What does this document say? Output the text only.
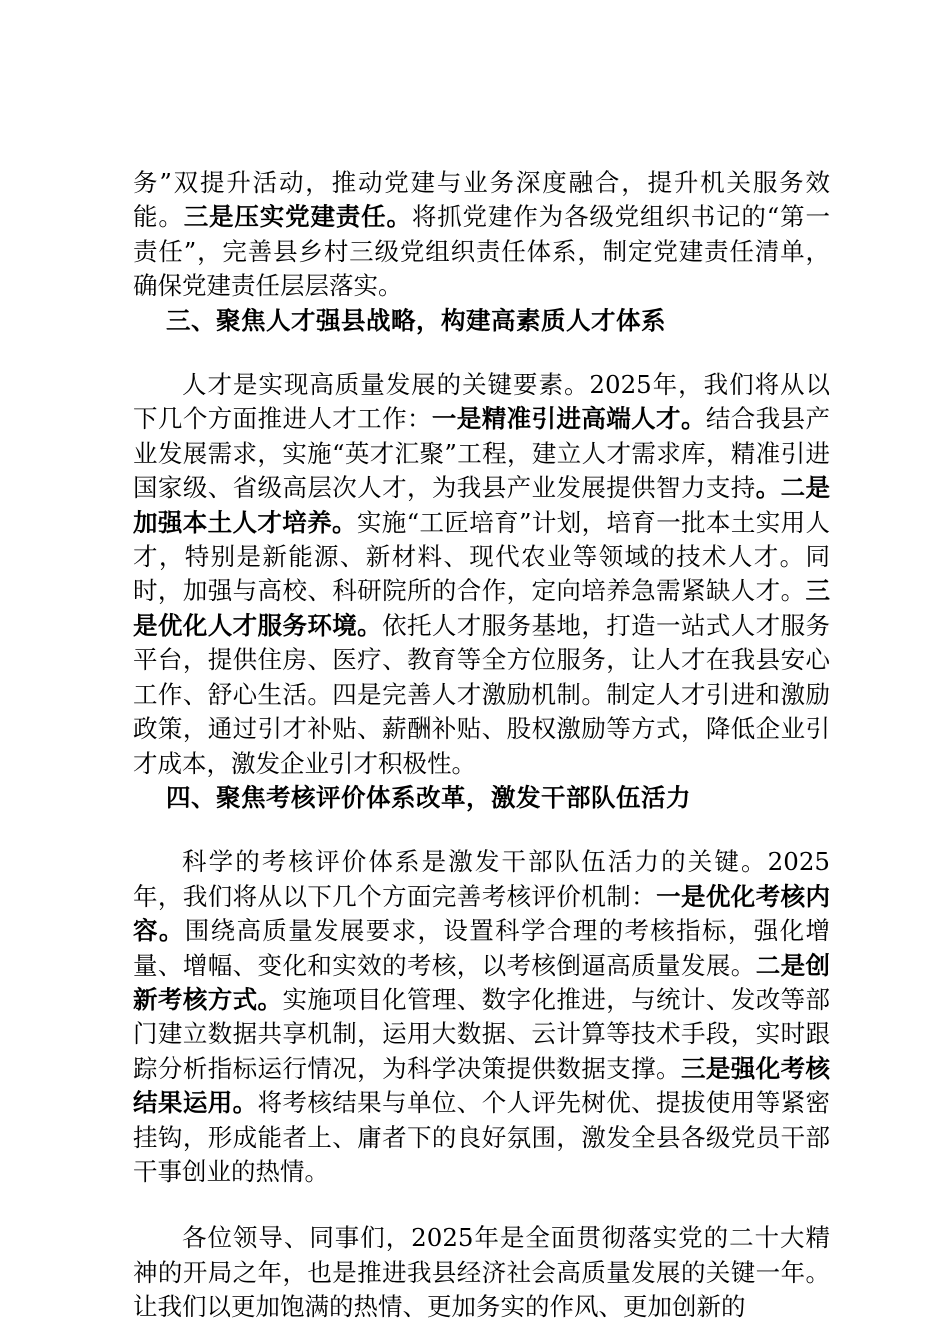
务”双提升活动，推动党建与业务深度融合，提升机关服务效能。三是压实党建责任。将抓党建作为各级党组织书记的“第一责任”，完善县乡村三级党组织责任体系，制定党建责任清单，确保党建责任层层落实。

三、聚焦人才强县战略，构建高素质人才体系

人才是实现高质量发展的关键要素。2025年，我们将从以下几个方面推进人才工作：一是精准引进高端人才。结合我县产业发展需求，实施“英才汇聚”工程，建立人才需求库，精准引进国家级、省级高层次人才，为我县产业发展提供智力支持。二是加强本土人才培养。实施“工匠培育”计划，培育一批本土实用人才，特别是新能源、新材料、现代农业等领域的技术人才。同时，加强与高校、科研院所的合作，定向培养急需紧缺人才。三是优化人才服务环境。依托人才服务基地，打造一站式人才服务平台，提供住房、医疗、教育等全方位服务，让人才在我县安心工作、舒心生活。四是完善人才激励机制。制定人才引进和激励政策，通过引才补贴、薪酬补贴、股权激励等方式，降低企业引才成本，激发企业引才积极性。

四、聚焦考核评价体系改革，激发干部队伍活力

科学的考核评价体系是激发干部队伍活力的关键。2025年，我们将从以下几个方面完善考核评价机制：一是优化考核内容。围绕高质量发展要求，设置科学合理的考核指标，强化增量、增幅、变化和实效的考核，以考核倒逼高质量发展。二是创新考核方式。实施项目化管理、数字化推进，与统计、发改等部门建立数据共享机制，运用大数据、云计算等技术手段，实时跟踪分析指标运行情况，为科学决策提供数据支撑。三是强化考核结果运用。将考核结果与单位、个人评先树优、提拔使用等紧密挂钩，形成能者上、庸者下的良好氛围，激发全县各级党员干部干事创业的热情。

各位领导、同事们，2025年是全面贯彻落实党的二十大精神的开局之年，也是推进我县经济社会高质量发展的关键一年。让我们以更加饱满的热情、更加务实的作风、更加创新的
